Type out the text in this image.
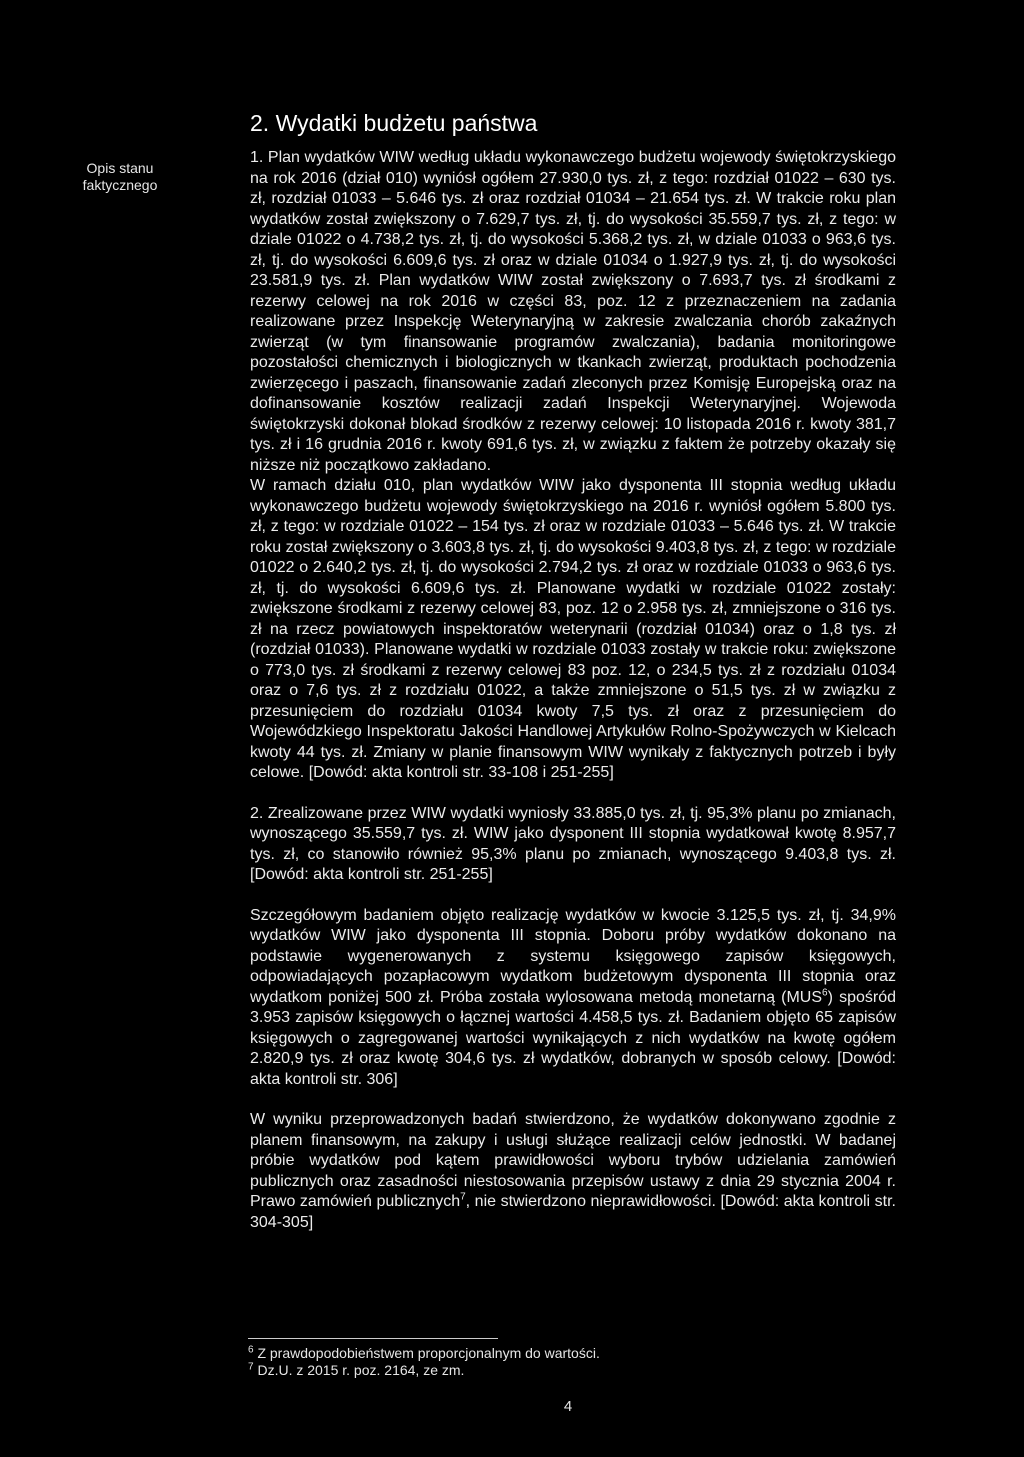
Opis stanu
faktycznego
2. Wydatki budżetu państwa

1. Plan wydatków WIW według układu wykonawczego budżetu wojewody świętokrzyskiego na rok 2016 (dział 010) wyniósł ogółem 27.930,0 tys. zł, z tego: rozdział 01022 – 630 tys. zł, rozdział 01033 – 5.646 tys. zł oraz rozdział 01034 – 21.654 tys. zł. W trakcie roku plan wydatków został zwiększony o 7.629,7 tys. zł, tj. do wysokości 35.559,7 tys. zł, z tego: w dziale 01022 o 4.738,2 tys. zł, tj. do wysokości 5.368,2 tys. zł, w dziale 01033 o 963,6 tys. zł, tj. do wysokości 6.609,6 tys. zł oraz w dziale 01034 o 1.927,9 tys. zł, tj. do wysokości 23.581,9 tys. zł. Plan wydatków WIW został zwiększony o 7.693,7 tys. zł środkami z rezerwy celowej na rok 2016 w części 83, poz. 12 z przeznaczeniem na zadania realizowane przez Inspekcję Weterynaryjną w zakresie zwalczania chorób zakaźnych zwierząt (w tym finansowanie programów zwalczania), badania monitoringowe pozostałości chemicznych i biologicznych w tkankach zwierząt, produktach pochodzenia zwierzęcego i paszach, finansowanie zadań zleconych przez Komisję Europejską oraz na dofinansowanie kosztów realizacji zadań Inspekcji Weterynaryjnej. Wojewoda świętokrzyski dokonał blokad środków z rezerwy celowej: 10 listopada 2016 r. kwoty 381,7 tys. zł i 16 grudnia 2016 r. kwoty 691,6 tys. zł, w związku z faktem że potrzeby okazały się niższe niż początkowo zakładano.

W ramach działu 010, plan wydatków WIW jako dysponenta III stopnia według układu wykonawczego budżetu wojewody świętokrzyskiego na 2016 r. wyniósł ogółem 5.800 tys. zł, z tego: w rozdziale 01022 – 154 tys. zł oraz w rozdziale 01033 – 5.646 tys. zł. W trakcie roku został zwiększony o 3.603,8 tys. zł, tj. do wysokości 9.403,8 tys. zł, z tego: w rozdziale 01022 o 2.640,2 tys. zł, tj. do wysokości 2.794,2 tys. zł oraz w rozdziale 01033 o 963,6 tys. zł, tj. do wysokości 6.609,6 tys. zł. Planowane wydatki w rozdziale 01022 zostały: zwiększone środkami z rezerwy celowej 83, poz. 12 o 2.958 tys. zł, zmniejszone o 316 tys. zł na rzecz powiatowych inspektoratów weterynarii (rozdział 01034) oraz o 1,8 tys. zł (rozdział 01033). Planowane wydatki w rozdziale 01033 zostały w trakcie roku: zwiększone o 773,0 tys. zł środkami z rezerwy celowej 83 poz. 12, o 234,5 tys. zł z rozdziału 01034 oraz o 7,6 tys. zł z rozdziału 01022, a także zmniejszone o 51,5 tys. zł w związku z przesunięciem do rozdziału 01034 kwoty 7,5 tys. zł oraz z przesunięciem do Wojewódzkiego Inspektoratu Jakości Handlowej Artykułów Rolno-Spożywczych w Kielcach kwoty 44 tys. zł. Zmiany w planie finansowym WIW wynikały z faktycznych potrzeb i były celowe. [Dowód: akta kontroli str. 33-108 i 251-255]

2. Zrealizowane przez WIW wydatki wyniosły 33.885,0 tys. zł, tj. 95,3% planu po zmianach, wynoszącego 35.559,7 tys. zł. WIW jako dysponent III stopnia wydatkował kwotę 8.957,7 tys. zł, co stanowiło również 95,3% planu po zmianach, wynoszącego 9.403,8 tys. zł. [Dowód: akta kontroli str. 251-255]

Szczegółowym badaniem objęto realizację wydatków w kwocie 3.125,5 tys. zł, tj. 34,9% wydatków WIW jako dysponenta III stopnia. Doboru próby wydatków dokonano na podstawie wygenerowanych z systemu księgowego zapisów księgowych, odpowiadających pozapłacowym wydatkom budżetowym dysponenta III stopnia oraz wydatkom poniżej 500 zł. Próba została wylosowana metodą monetarną (MUS$^6$) spośród 3.953 zapisów księgowych o łącznej wartości 4.458,5 tys. zł. Badaniem objęto 65 zapisów księgowych o zagregowanej wartości wynikających z nich wydatków na kwotę ogółem 2.820,9 tys. zł oraz kwotę 304,6 tys. zł wydatków, dobranych w sposób celowy. [Dowód: akta kontroli str. 306]

W wyniku przeprowadzonych badań stwierdzono, że wydatków dokonywano zgodnie z planem finansowym, na zakupy i usługi służące realizacji celów jednostki. W badanej próbie wydatków pod kątem prawidłowości wyboru trybów udzielania zamówień publicznych oraz zasadności niestosowania przepisów ustawy z dnia 29 stycznia 2004 r. Prawo zamówień publicznych$^7$, nie stwierdzono nieprawidłowości. [Dowód: akta kontroli str. 304-305]

$^6$ Z prawdopodobieństwem proporcjonalnym do wartości.
$^7$ Dz.U. z 2015 r. poz. 2164, ze zm.
4
